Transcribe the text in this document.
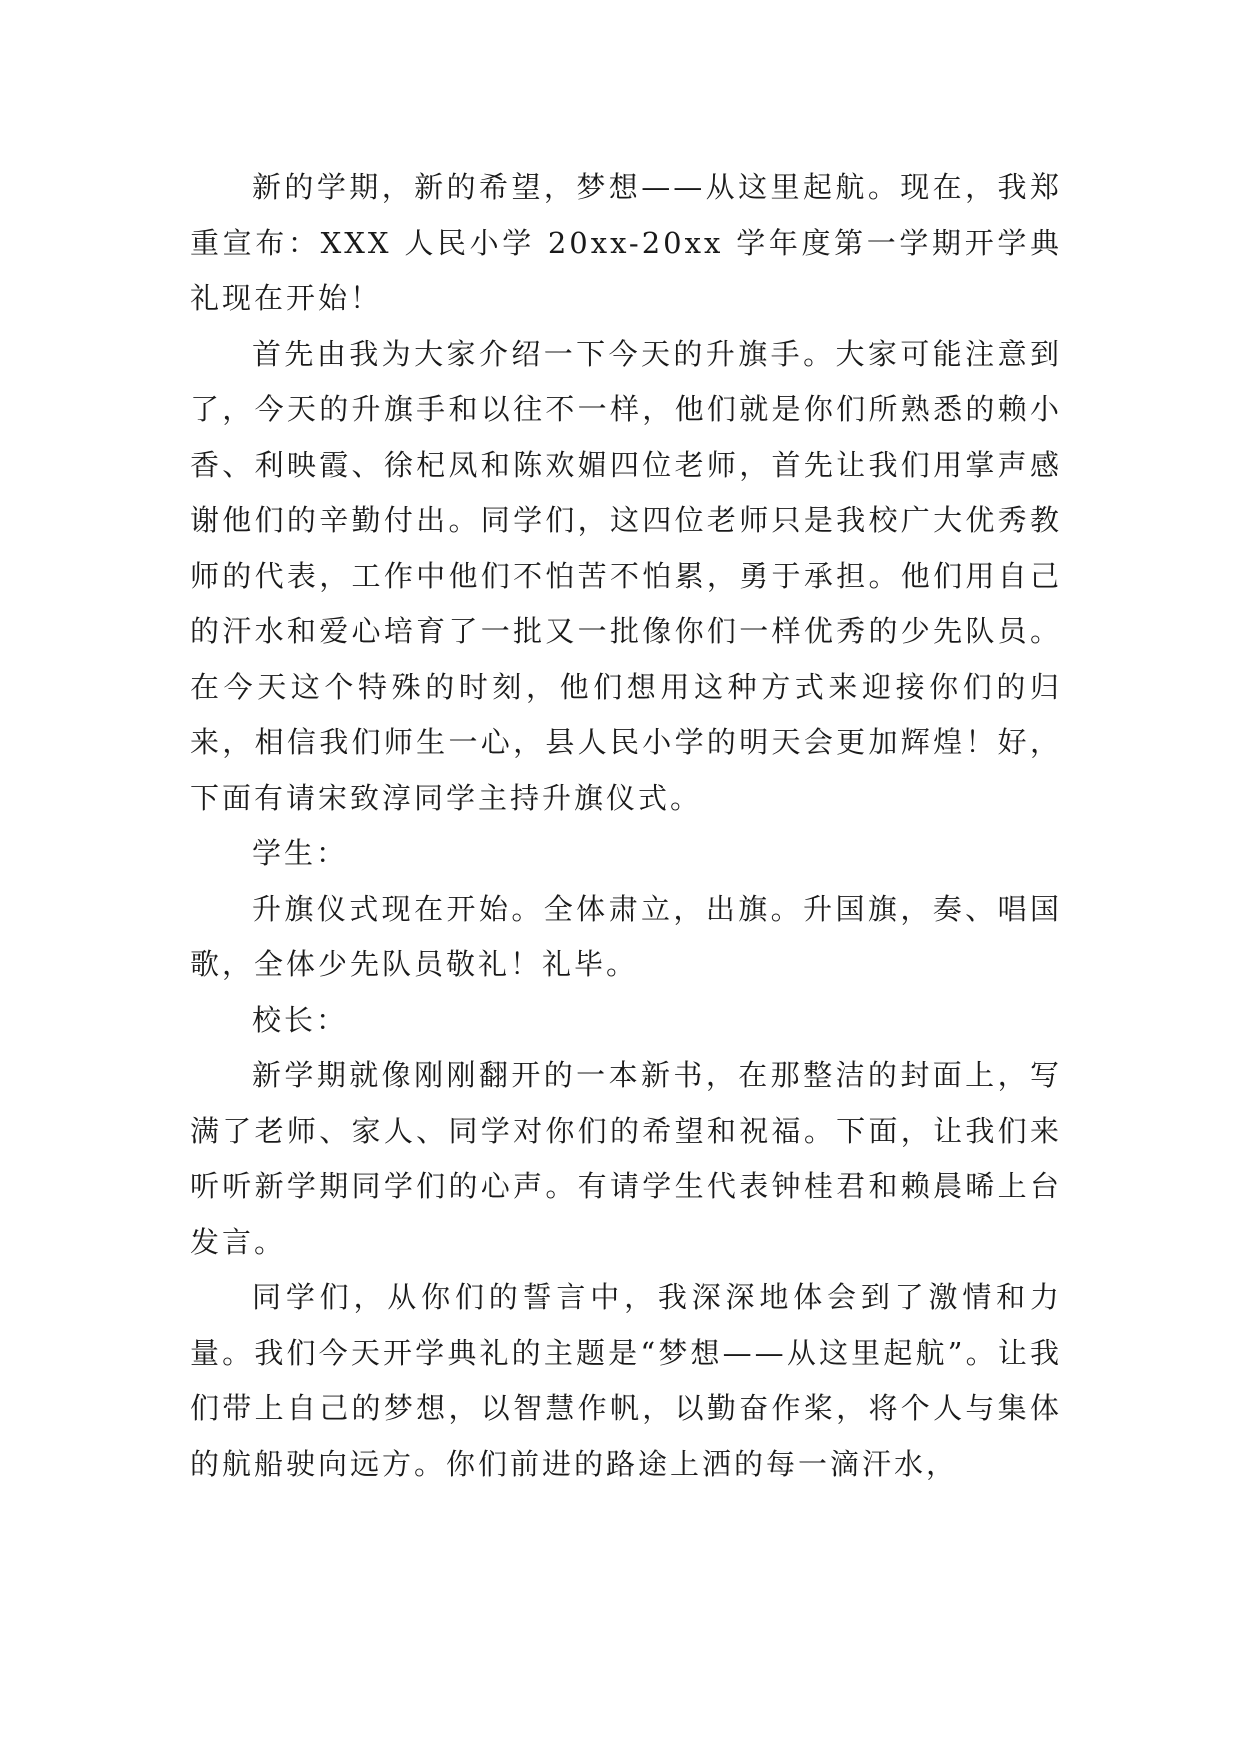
新的学期，新的希望，梦想——从这里起航。现在，我郑重宣布：XXX 人民小学 20xx-20xx 学年度第一学期开学典礼现在开始！

首先由我为大家介绍一下今天的升旗手。大家可能注意到了，今天的升旗手和以往不一样，他们就是你们所熟悉的赖小香、利映霞、徐杞凤和陈欢媚四位老师，首先让我们用掌声感谢他们的辛勤付出。同学们，这四位老师只是我校广大优秀教师的代表，工作中他们不怕苦不怕累，勇于承担。他们用自己的汗水和爱心培育了一批又一批像你们一样优秀的少先队员。在今天这个特殊的时刻，他们想用这种方式来迎接你们的归来，相信我们师生一心，县人民小学的明天会更加辉煌！好，下面有请宋致淳同学主持升旗仪式。

学生：

升旗仪式现在开始。全体肃立，出旗。升国旗，奏、唱国歌，全体少先队员敬礼！礼毕。

校长：

新学期就像刚刚翻开的一本新书，在那整洁的封面上，写满了老师、家人、同学对你们的希望和祝福。下面，让我们来听听新学期同学们的心声。有请学生代表钟桂君和赖晨晞上台发言。

同学们，从你们的誓言中，我深深地体会到了激情和力量。我们今天开学典礼的主题是“梦想——从这里起航”。让我们带上自己的梦想，以智慧作帆，以勤奋作桨，将个人与集体的航船驶向远方。你们前进的路途上洒的每一滴汗水，
